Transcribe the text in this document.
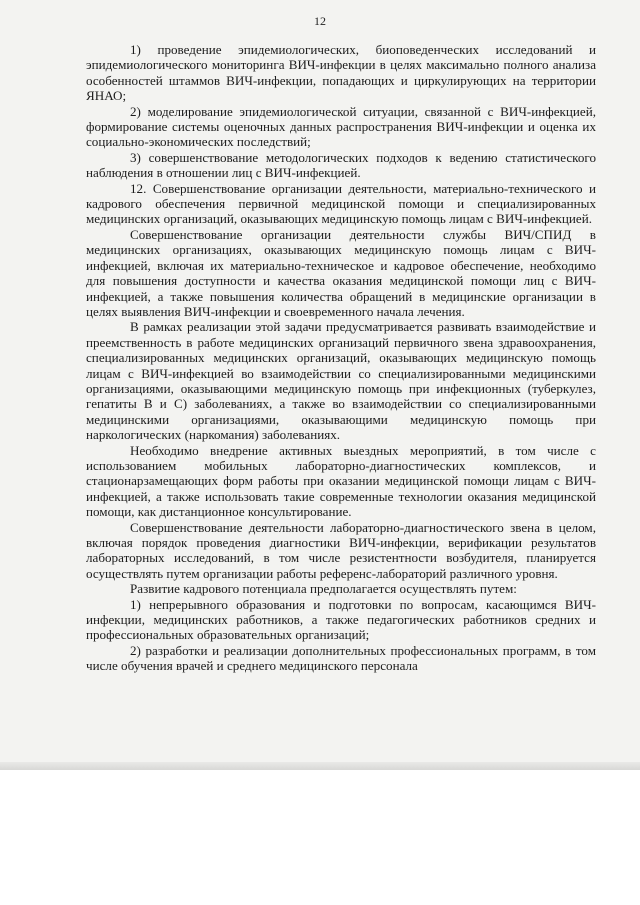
12

1) проведение эпидемиологических, биоповеденческих исследований и эпидемиологического мониторинга ВИЧ-инфекции в целях максимально полного анализа особенностей штаммов ВИЧ-инфекции, попадающих и циркулирующих на территории ЯНАО;

2) моделирование эпидемиологической ситуации, связанной с ВИЧ-инфекцией, формирование системы оценочных данных распространения ВИЧ-инфекции и оценка их социально-экономических последствий;

3) совершенствование методологических подходов к ведению статистического наблюдения в отношении лиц с ВИЧ-инфекцией.

12. Совершенствование организации деятельности, материально-технического и кадрового обеспечения первичной медицинской помощи и специализированных медицинских организаций, оказывающих медицинскую помощь лицам с ВИЧ-инфекцией.

Совершенствование организации деятельности службы ВИЧ/СПИД в медицинских организациях, оказывающих медицинскую помощь лицам с ВИЧ-инфекцией, включая их материально-техническое и кадровое обеспечение, необходимо для повышения доступности и качества оказания медицинской помощи лиц с ВИЧ-инфекцией, а также повышения количества обращений в медицинские организации в целях выявления ВИЧ-инфекции и своевременного начала лечения.

В рамках реализации этой задачи предусматривается развивать взаимодействие и преемственность в работе медицинских организаций первичного звена здравоохранения, специализированных медицинских организаций, оказывающих медицинскую помощь лицам с ВИЧ-инфекцией во взаимодействии со специализированными медицинскими организациями, оказывающими медицинскую помощь при инфекционных (туберкулез, гепатиты В и С) заболеваниях, а также во взаимодействии со специализированными медицинскими организациями, оказывающими медицинскую помощь при наркологических (наркомания) заболеваниях.

Необходимо внедрение активных выездных мероприятий, в том числе с использованием мобильных лабораторно-диагностических комплексов, и стационарзамещающих форм работы при оказании медицинской помощи лицам с ВИЧ-инфекцией, а также использовать такие современные технологии оказания медицинской помощи, как дистанционное консультирование.

Совершенствование деятельности лабораторно-диагностического звена в целом, включая порядок проведения диагностики ВИЧ-инфекции, верификации результатов лабораторных исследований, в том числе резистентности возбудителя, планируется осуществлять путем организации работы референс-лабораторий различного уровня.

Развитие кадрового потенциала предполагается осуществлять путем:

1) непрерывного образования и подготовки по вопросам, касающимся ВИЧ-инфекции, медицинских работников, а также педагогических работников средних и профессиональных образовательных организаций;

2) разработки и реализации дополнительных профессиональных программ, в том числе обучения врачей и среднего медицинского персонала
